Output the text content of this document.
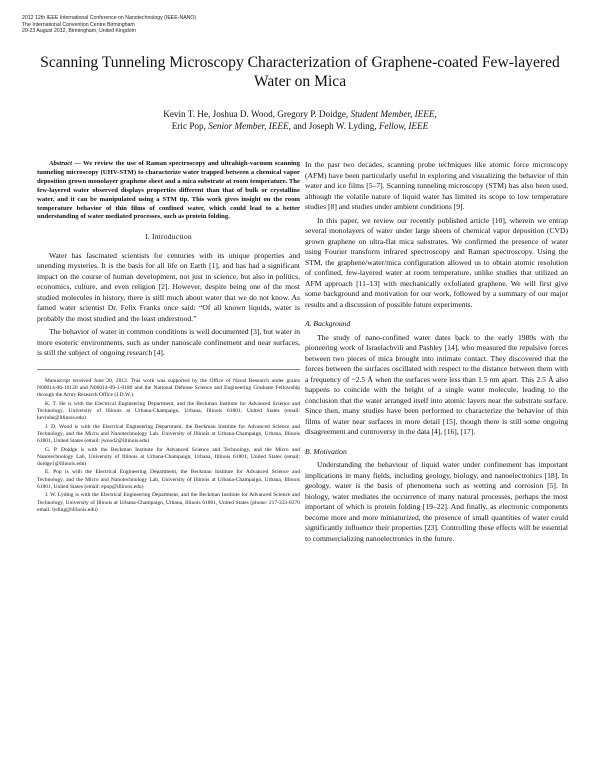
2012 12th IEEE International Conference on Nanotechnology (IEEE-NANO)
The International Convention Centre Birmingham
20-23 August 2012, Birmingham, United Kingdom
Scanning Tunneling Microscopy Characterization of Graphene-coated Few-layered Water on Mica
Kevin T. He, Joshua D. Wood, Gregory P. Doidge, Student Member, IEEE,
Eric Pop, Senior Member, IEEE, and Joseph W. Lyding, Fellow, IEEE
Abstract — We review the use of Raman spectroscopy and ultrahigh-vacuum scanning tunneling microscopy (UHV-STM) to characterize water trapped between a chemical vapor deposition grown monolayer graphene sheet and a mica substrate at room temperature. The few-layered water observed displays properties different than that of bulk or crystalline water, and it can be manipulated using a STM tip. This work gives insight on the room temperature behavior of thin films of confined water, which could lead to a better understanding of water mediated processes, such as protein folding.
I. Introduction

Water has fascinated scientists for centuries with its unique properties and unending mysteries. It is the basis for all life on Earth [1], and has had a significant impact on the course of human development, not just in science, but also in politics, economics, culture, and even religion [2]. However, despite being one of the most studied molecules in history, there is still much about water that we do not know. As famed water scientist Dr. Felix Franks once said: “Of all known liquids, water is probably the most studied and the least understood.”

The behavior of water in common conditions is well documented [3], but water in more esoteric environments, such as under nanoscale confinement and near surfaces, is still the subject of ongoing research [4].

Manuscript received June 20, 2012. This work was supported by the Office of Naval Research under grants N00014-06-10120 and N00014-09-1-0180 and the National Defense Science and Engineering Graduate Fellowship through the Army Research Office (J.D.W.).

K. T. He is with the Electrical Engineering Department, and the Beckman Institute for Advanced Science and Technology, University of Illinois at Urbana-Champaign, Urbana, Illinois 61801, United States (email: kevinhe@illinois.edu)

J. D. Wood is with the Electrical Engineering Department, the Beckman Institute for Advanced Science and Technology, and the Micro and Nanotechnology Lab, University of Illinois at Urbana-Champaign, Urbana, Illinois 61801, United States (email: jwood2@illinois.edu)

G. P. Doidge is with the Beckman Institute for Advanced Science and Technology, and the Micro and Nanotechnology Lab, University of Illinois at Urbana-Champaign, Urbana, Illinois 61801, United States (email: doidge1@illinois.edu)

E. Pop is with the Electrical Engineering Department, the Beckman Institute for Advanced Science and Technology, and the Micro and Nanotechnology Lab, University of Illinois at Urbana-Champaign, Urbana, Illinois 61801, United States (email: epop@illinois.edu)

J. W. Lyding is with the Electrical Engineering Department, and the Beckman Institute for Advanced Science and Technology, University of Illinois at Urbana-Champaign, Urbana, Illinois 61801, United States (phone: 217-333-8370 email: lyding@illinois.edu)

In the past two decades, scanning probe techniques like atomic force microscopy (AFM) have been particularly useful in exploring and visualizing the behavior of thin water and ice films [5–7]. Scanning tunneling microscopy (STM) has also been used, although the volatile nature of liquid water has limited its scope to low temperature studies [8] and studies under ambient conditions [9].

In this paper, we review our recently published article [10], wherein we entrap several monolayers of water under large sheets of chemical vapor deposition (CVD) grown graphene on ultra-flat mica substrates. We confirmed the presence of water using Fourier transform infrared spectroscopy and Raman spectroscopy. Using the STM, the graphene/water/mica configuration allowed us to obtain atomic resolution of confined, few-layered water at room temperature, unlike studies that utilized an AFM approach [11–13] with mechanically exfoliated graphene. We will first give some background and motivation for our work, followed by a summary of our major results and a discussion of possible future experiments.

A. Background

The study of nano-confined water dates back to the early 1980s with the pioneering work of Israelachvili and Pashley [14], who measured the repulsive forces between two pieces of mica brought into intimate contact. They discovered that the forces between the surfaces oscillated with respect to the distance between them with a frequency of ~2.5 Å when the surfaces were less than 1.5 nm apart. This 2.5 Å also happens to coincide with the height of a single water molecule, leading to the conclusion that the water arranged itself into atomic layers near the substrate surface. Since then, many studies have been performed to characterize the behavior of thin films of water near surfaces in more detail [15], though there is still some ongoing disagreement and controversy in the data [4], [16], [17].

B. Motivation

Understanding the behaviour of liquid water under confinement has important implications in many fields, including geology, biology, and nanoelectronics [18]. In geology, water is the basis of phenomena such as wetting and corrosion [5]. In biology, water mediates the occurrence of many natural processes, perhaps the most important of which is protein folding [19–22]. And finally, as electronic components become more and more miniaturized, the presence of small quantities of water could significantly influence their properties [23]. Controlling these effects will be essential to commercializing nanoelectronics in the future.
